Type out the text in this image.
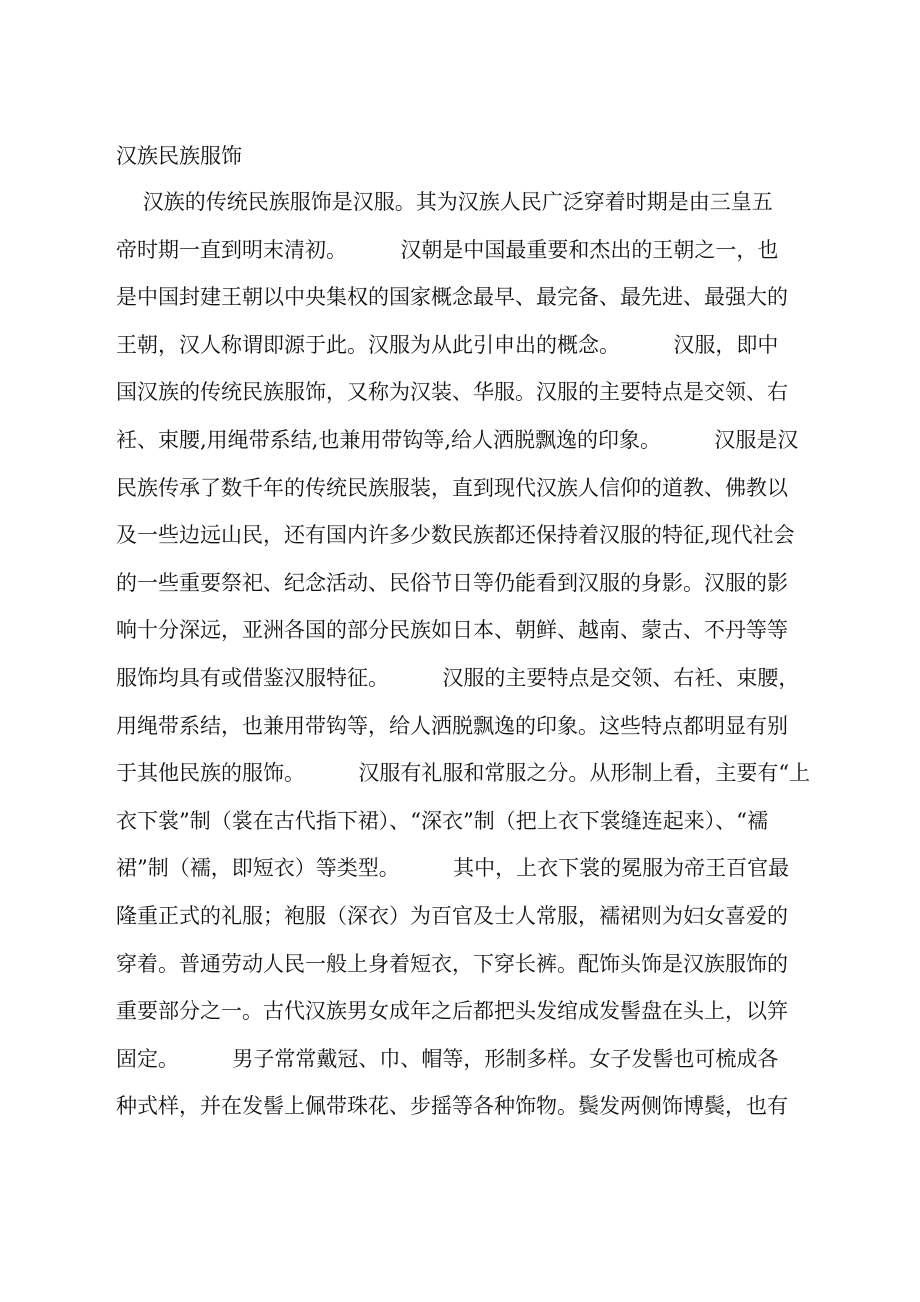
汉族民族服饰
汉族的传统民族服饰是汉服。其为汉族人民广泛穿着时期是由三皇五
帝时期一直到明末清初。        汉朝是中国最重要和杰出的王朝之一，也
是中国封建王朝以中央集权的国家概念最早、最完备、最先进、最强大的
王朝，汉人称谓即源于此。汉服为从此引申出的概念。        汉服，即中
国汉族的传统民族服饰，又称为汉装、华服。汉服的主要特点是交领、右
衽、束腰,用绳带系结,也兼用带钩等,给人洒脱飘逸的印象。        汉服是汉
民族传承了数千年的传统民族服装，直到现代汉族人信仰的道教、佛教以
及一些边远山民，还有国内许多少数民族都还保持着汉服的特征,现代社会
的一些重要祭祀、纪念活动、民俗节日等仍能看到汉服的身影。汉服的影
响十分深远，亚洲各国的部分民族如日本、朝鲜、越南、蒙古、不丹等等
服饰均具有或借鉴汉服特征。        汉服的主要特点是交领、右衽、束腰，
用绳带系结，也兼用带钩等，给人洒脱飘逸的印象。这些特点都明显有别
于其他民族的服饰。        汉服有礼服和常服之分。从形制上看，主要有“上
衣下裳”制（裳在古代指下裙）、“深衣”制（把上衣下裳缝连起来）、“襦
裙”制（襦，即短衣）等类型。        其中，上衣下裳的冕服为帝王百官最
隆重正式的礼服；袍服（深衣）为百官及士人常服，襦裙则为妇女喜爱的
穿着。普通劳动人民一般上身着短衣，下穿长裤。配饰头饰是汉族服饰的
重要部分之一。古代汉族男女成年之后都把头发绾成发髻盘在头上，以笄
固定。        男子常常戴冠、巾、帽等，形制多样。女子发髻也可梳成各
种式样，并在发髻上佩带珠花、步摇等各种饰物。鬓发两侧饰博鬓，也有
